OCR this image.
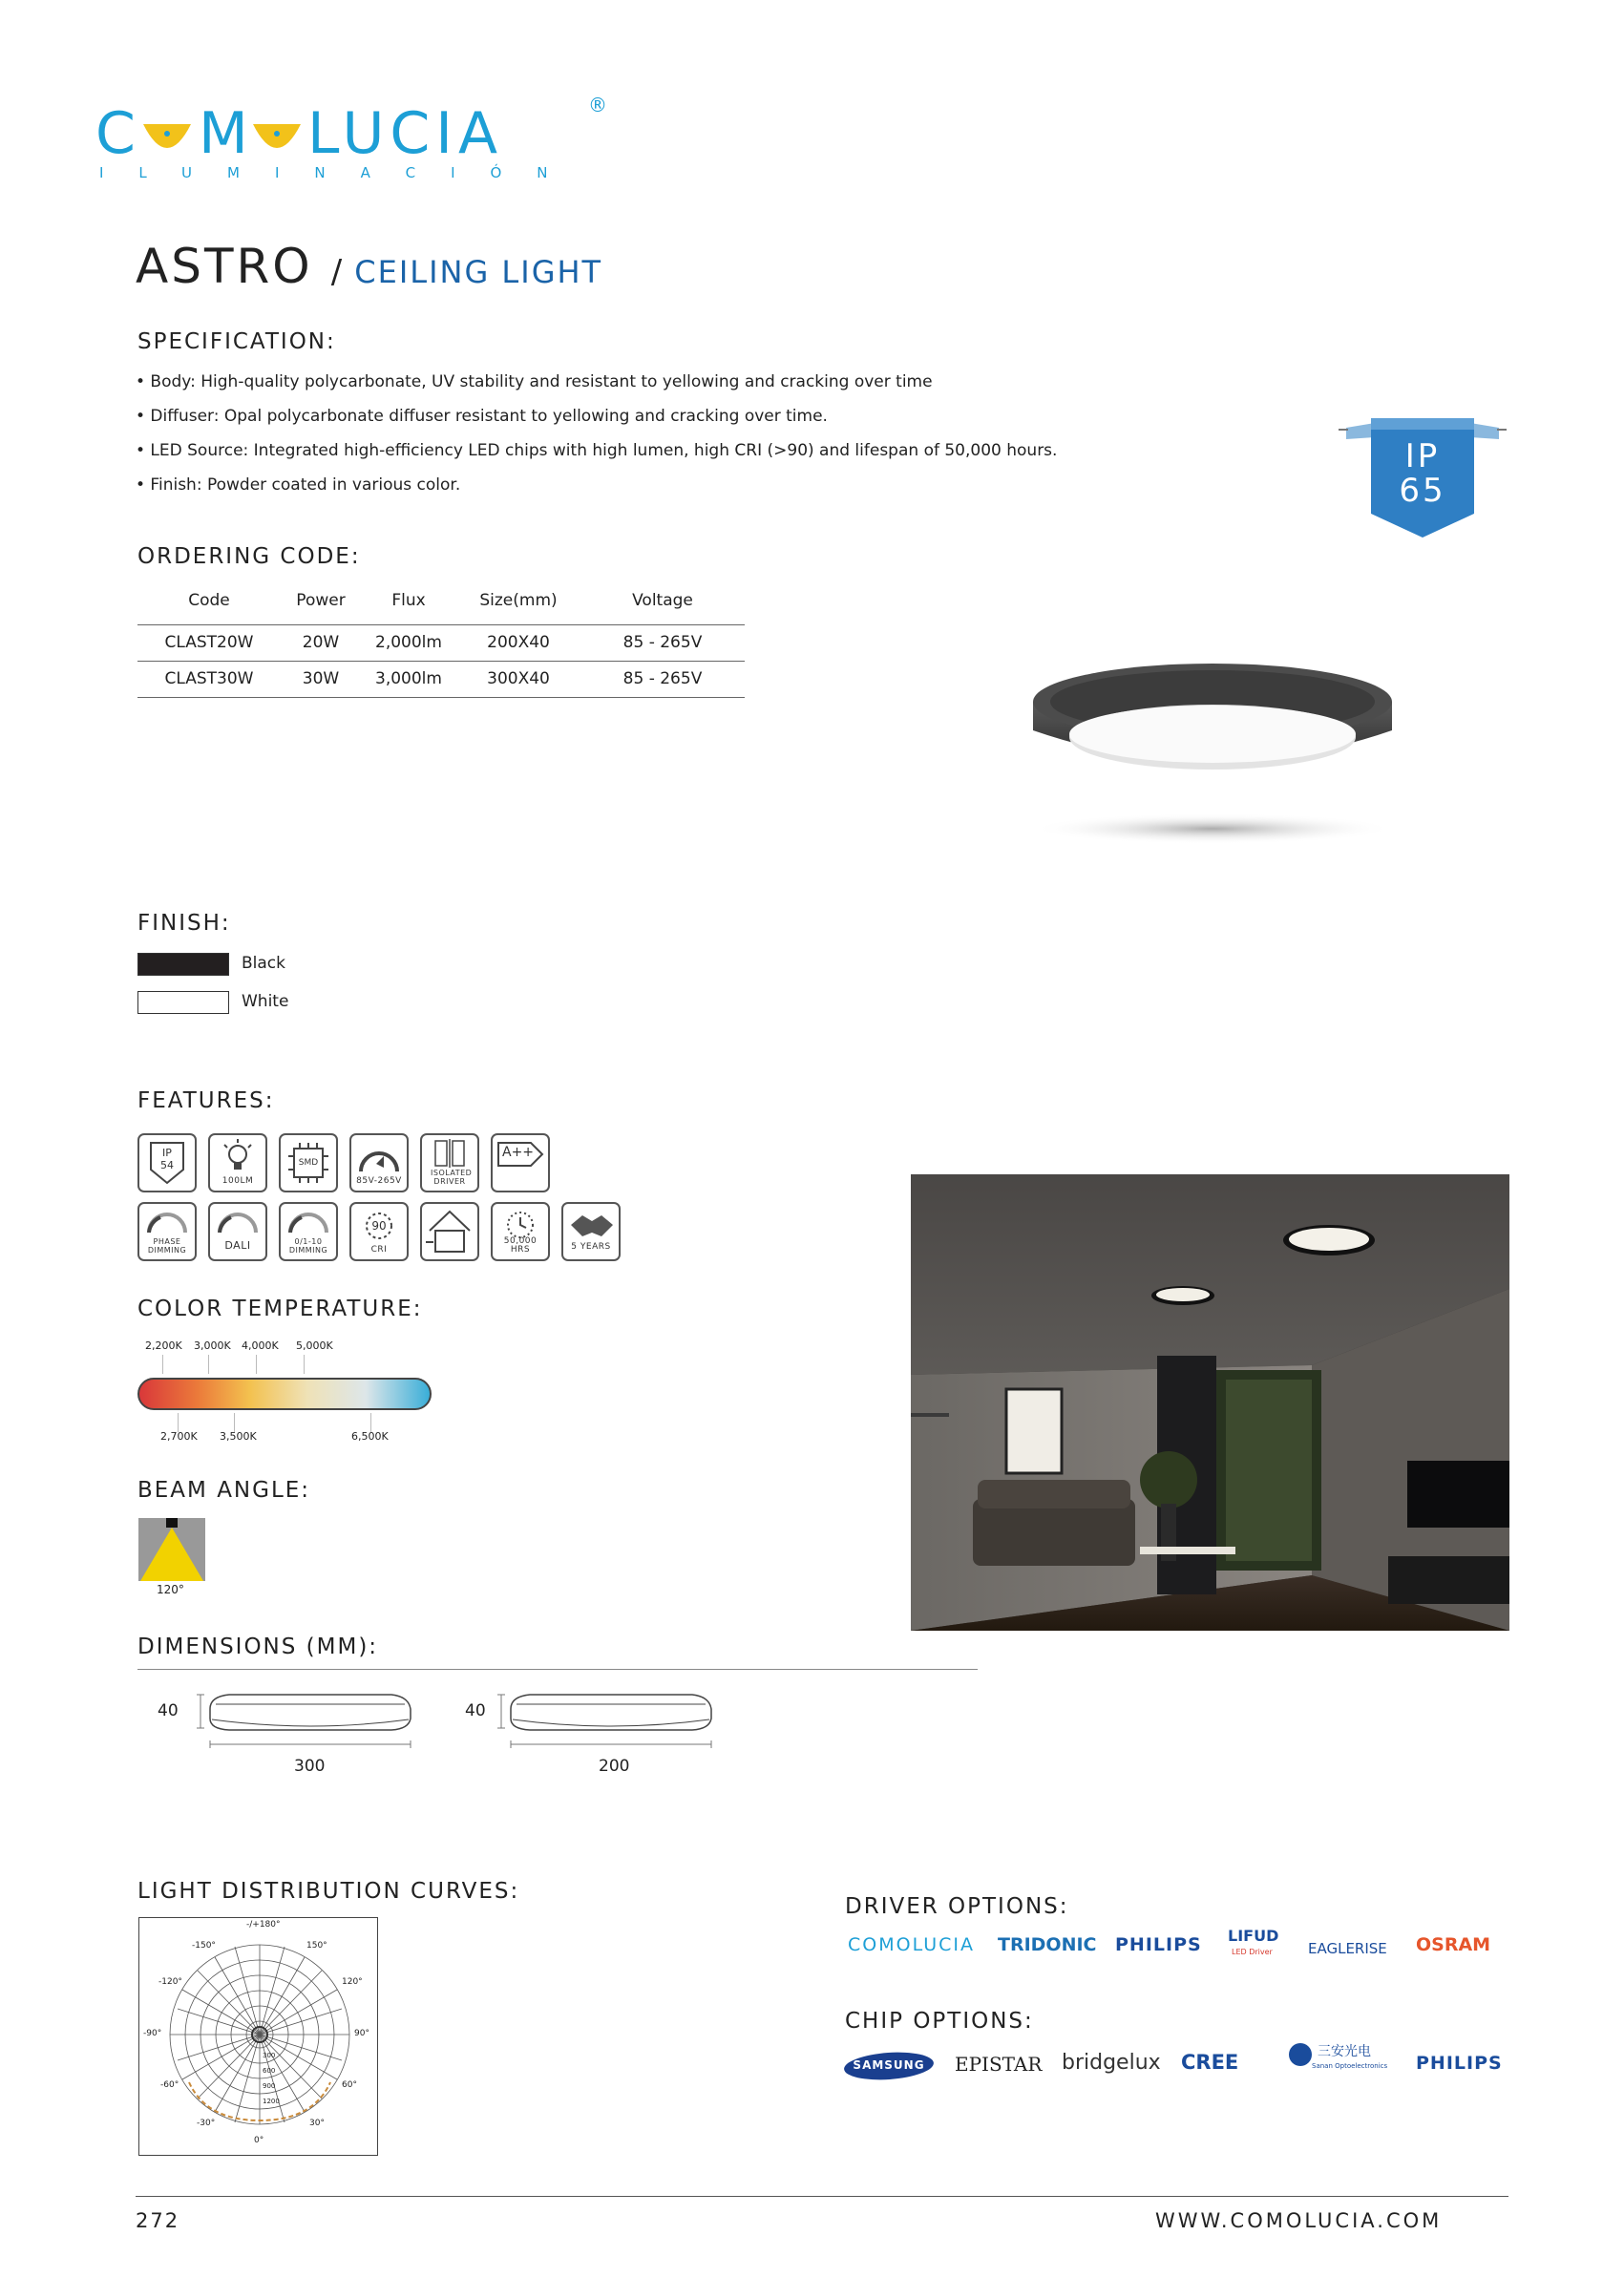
C M LUCIA	®
ILUMINACIÓN
ASTRO / CEILING LIGHT
SPECIFICATION:
• Body: High-quality polycarbonate, UV stability and resistant to yellowing and cracking over time
• Diffuser: Opal polycarbonate diffuser resistant to yellowing and cracking over time.
• LED Source: Integrated high-efficiency LED chips with high lumen, high CRI (>90) and lifespan of 50,000 hours.
• Finish: Powder coated in various color.
IP
65
ORDERING CODE:
Code	Power	Flux	Size(mm)	Voltage
CLAST20W	20W	2,000lm	200X40	85 - 265V
CLAST30W	30W	3,000lm	300X40	85 - 265V
FINISH:
Black
White
FEATURES:
IP
54
100LM
SMD
85V-265V
ISOLATED DRIVER
A++
PHASE DIMMING	DALI	0/1-10 DIMMING
90
CRI
50,000 HRS	5 YEARS
COLOR TEMPERATURE:
2,200K 3,000K 4,000K 5,000K
2,700K 3,500K	6,500K
BEAM ANGLE:
120°
DIMENSIONS (MM):
40
300
40
200
LIGHT DISTRIBUTION CURVES:
-/+180°
-150°	150°
-120°	120°
-90°	90°
-60°	60°
-30°	30°
0°
300
600
900
1200
DRIVER OPTIONS:
COMOLUCIA TRIDONIC PHILIPS LIFUD
LED Driver EAGLERISE OSRAM
CHIP OPTIONS:
SAMSUNG	EPISTAR bridgelux CREE	三安光电
Sanan Optoelectronics PHILIPS
272	WWW.COMOLUCIA.COM
